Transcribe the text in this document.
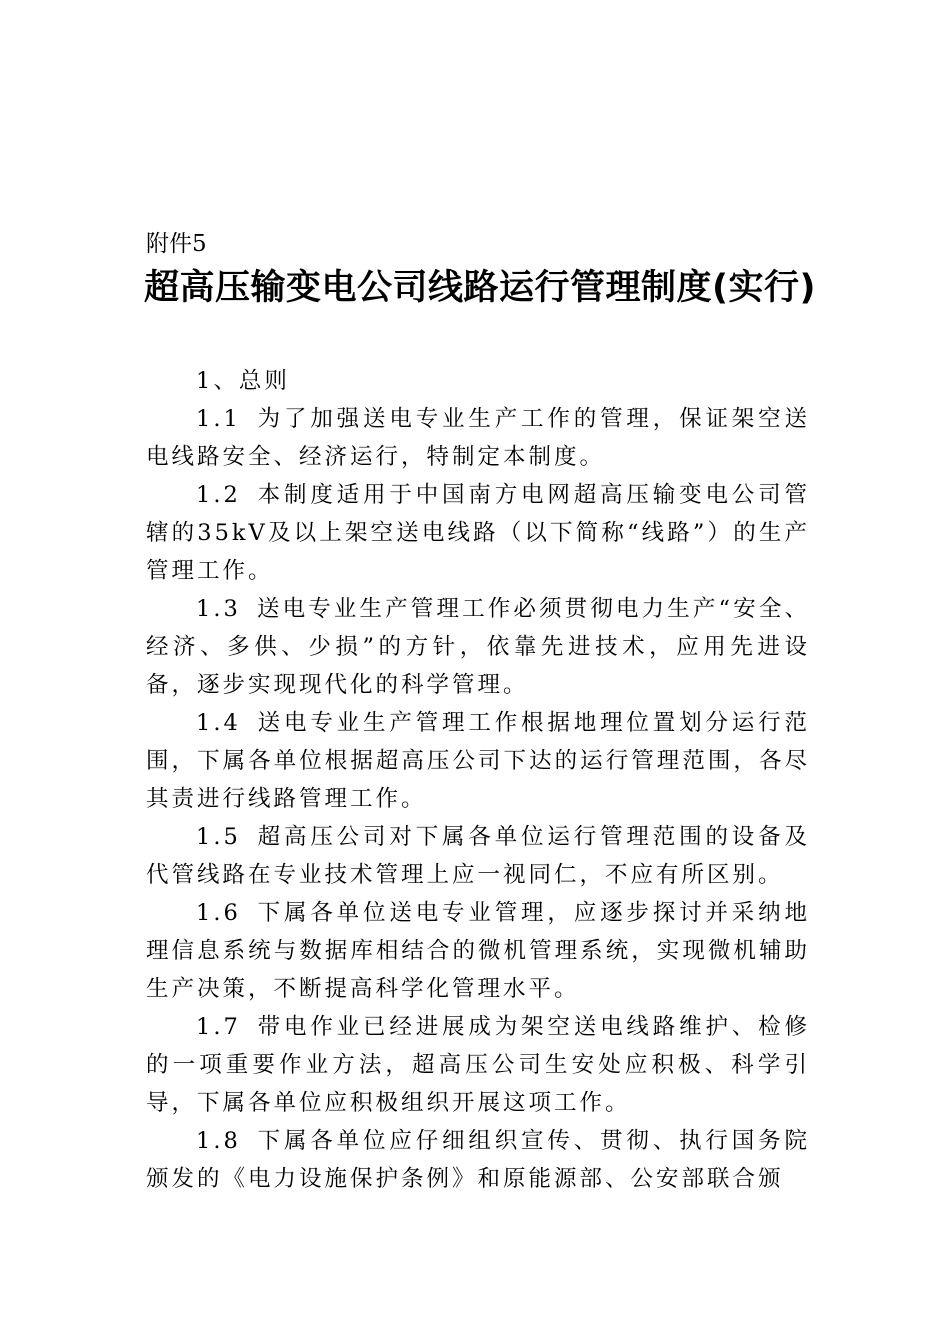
附件5
超高压输变电公司线路运行管理制度(实行)

1、总则

1.1 为了加强送电专业生产工作的管理，保证架空送电线路安全、经济运行，特制定本制度。

1.2 本制度适用于中国南方电网超高压输变电公司管辖的35kV及以上架空送电线路（以下简称“线路”）的生产管理工作。

1.3 送电专业生产管理工作必须贯彻电力生产“安全、经济、多供、少损”的方针，依靠先进技术，应用先进设备，逐步实现现代化的科学管理。

1.4 送电专业生产管理工作根据地理位置划分运行范围，下属各单位根据超高压公司下达的运行管理范围，各尽其责进行线路管理工作。

1.5 超高压公司对下属各单位运行管理范围的设备及代管线路在专业技术管理上应一视同仁，不应有所区别。

1.6 下属各单位送电专业管理，应逐步探讨并采纳地理信息系统与数据库相结合的微机管理系统，实现微机辅助生产决策，不断提高科学化管理水平。

1.7 带电作业已经进展成为架空送电线路维护、检修的一项重要作业方法，超高压公司生安处应积极、科学引导，下属各单位应积极组织开展这项工作。

1.8 下属各单位应仔细组织宣传、贯彻、执行国务院颁发的《电力设施保护条例》和原能源部、公安部联合颁
